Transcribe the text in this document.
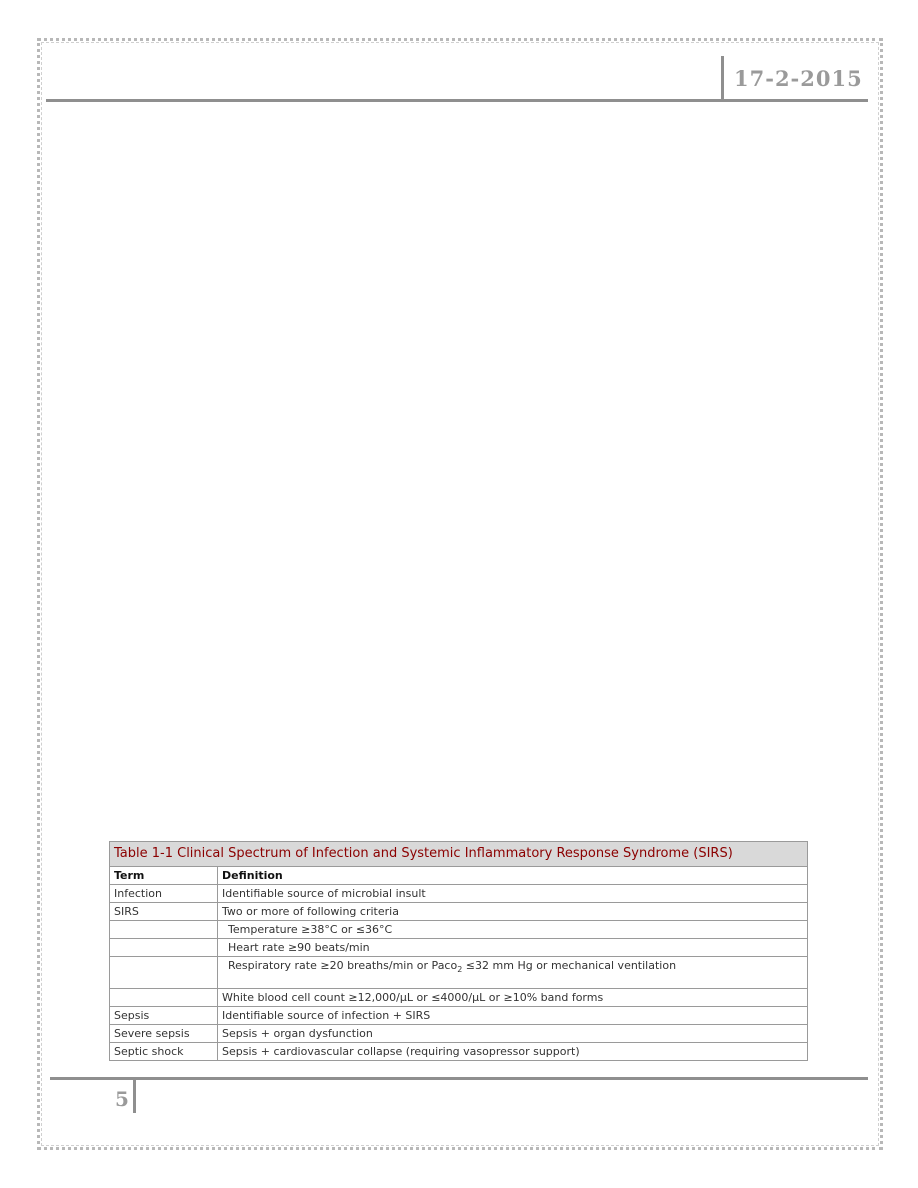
17-2-2015
Table 1-1 Clinical Spectrum of Infection and Systemic Inflammatory Response Syndrome (SIRS)	
Term	Definition
Infection	Identifiable source of microbial insult
SIRS	Two or more of following criteria
	Temperature ≥38°C or ≤36°C
	Heart rate ≥90 beats/min
	Respiratory rate ≥20 breaths/min or Paco$_2$ ≤32 mm Hg or mechanical ventilation
	White blood cell count ≥12,000/μL or ≤4000/μL or ≥10% band forms
Sepsis	Identifiable source of infection + SIRS
Severe sepsis	Sepsis + organ dysfunction
Septic shock	Sepsis + cardiovascular collapse (requiring vasopressor support)
5
